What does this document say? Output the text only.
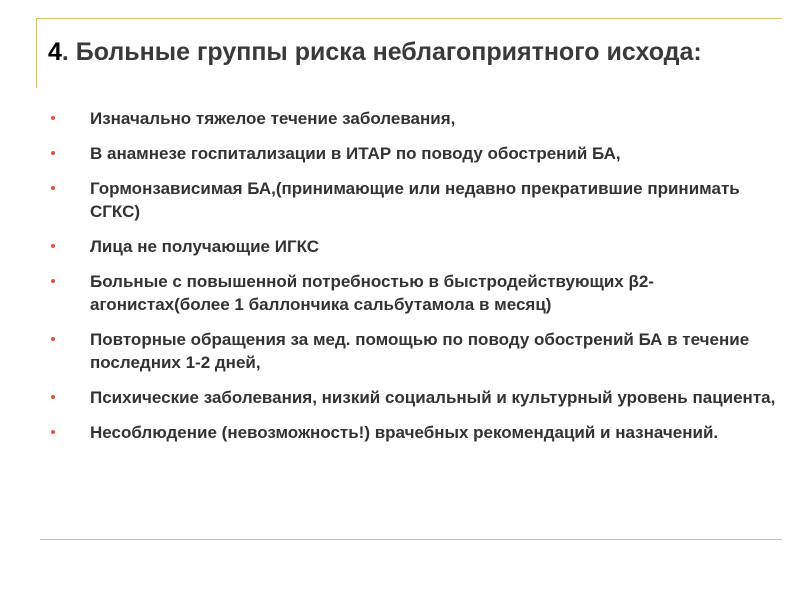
4. Больные группы риска неблагоприятного исхода:
Изначально тяжелое течение заболевания,
В анамнезе госпитализации в ИТАР по поводу обострений БА,
Гормонзависимая БА,(принимающие или недавно прекратившие принимать СГКС)
Лица не получающие ИГКС
Больные с повышенной потребностью в быстродействующих β2-агонистах(более 1 баллончика сальбутамола в месяц)
Повторные обращения за мед. помощью по поводу обострений БА в течение последних 1-2 дней,
Психические заболевания, низкий социальный и культурный уровень пациента,
Несоблюдение (невозможность!) врачебных рекомендаций и назначений.
